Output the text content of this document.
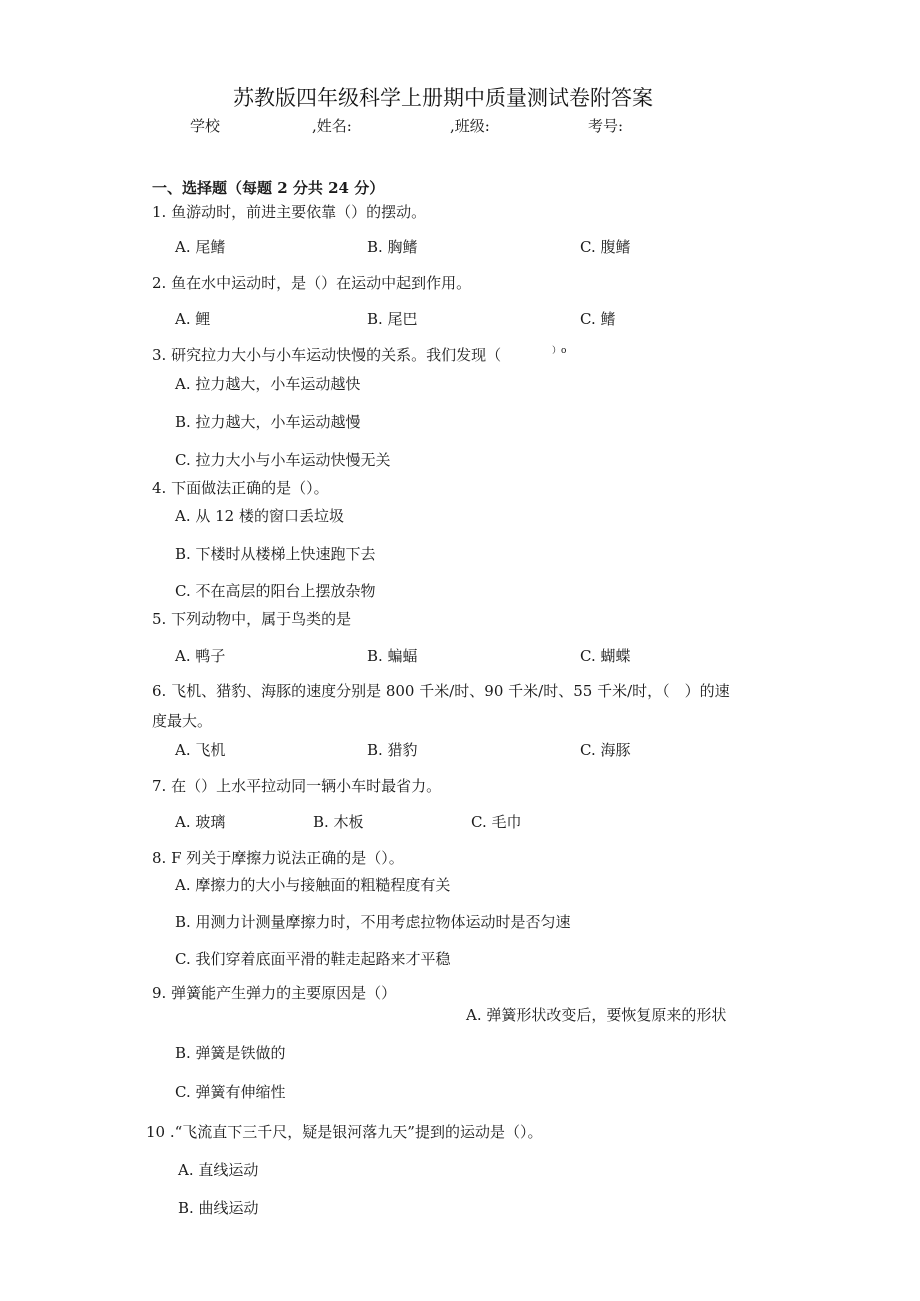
苏教版四年级科学上册期中质量测试卷附答案
学校	,姓名:	,班级:	考号:
一、选择题（每题 2 分共 24 分）
1. 鱼游动时，前进主要依靠（）的摆动。
A. 尾鳍	B. 胸鳍	C. 腹鳍
2. 鱼在水中运动时，是（）在运动中起到作用。
A. 鲤	B. 尾巴	C. 鳍
3. 研究拉力大小与小车运动快慢的关系。我们发现（	）o
A. 拉力越大，小车运动越快
B. 拉力越大，小车运动越慢
C. 拉力大小与小车运动快慢无关
4. 下面做法正确的是（）。
A. 从 12 楼的窗口丢垃圾
B. 下楼时从楼梯上快速跑下去
C. 不在高层的阳台上摆放杂物
5. 下列动物中，属于鸟类的是
A. 鸭子	B. 蝙蝠	C. 蝴蝶
6. 飞机、猎豹、海豚的速度分别是 800 千米/时、90 千米/时、55 千米/时，（　）的速
度最大。
A. 飞机	B. 猎豹	C. 海豚
7. 在（）上水平拉动同一辆小车时最省力。
A. 玻璃	B. 木板	C. 毛巾
8. F 列关于摩擦力说法正确的是（）。
A. 摩擦力的大小与接触面的粗糙程度有关
B. 用测力计测量摩擦力时，不用考虑拉物体运动时是否匀速
C. 我们穿着底面平滑的鞋走起路来才平稳
9. 弹簧能产生弹力的主要原因是（）
A. 弹簧形状改变后，要恢复原来的形状
B. 弹簧是铁做的
C. 弹簧有伸缩性
10 .“飞流直下三千尺，疑是银河落九天”提到的运动是（）。
A. 直线运动
B. 曲线运动
